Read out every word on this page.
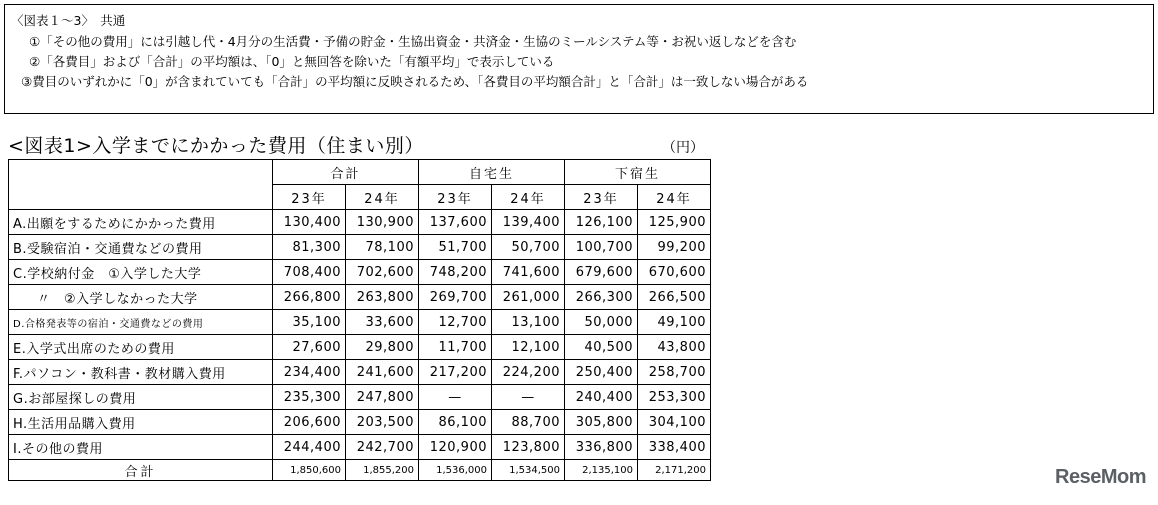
〈図表１～3〉　共通
①「その他の費用」には引越し代・4月分の生活費・予備の貯金・生協出資金・共済金・生協のミールシステム等・お祝い返しなどを含む
②「各費目」および「合計」の平均額は、「0」と無回答を除いた「有額平均」で表示している
③費目のいずれかに「0」が含まれていても「合計」の平均額に反映されるため、「各費目の平均額合計」と「合計」は一致しない場合がある
<図表1>入学までにかかった費用（住まい別）	（円）
	合計		自宅生		下宿生	
	23年	24年	23年	24年	23年	24年
A.出願をするためにかかった費用	130,400	130,900	137,600	139,400	126,100	125,900
B.受験宿泊・交通費などの費用	81,300	78,100	51,700	50,700	100,700	99,200
C.学校納付金　①入学した大学	708,400	702,600	748,200	741,600	679,600	670,600
〃　②入学しなかった大学	266,800	263,800	269,700	261,000	266,300	266,500
D.合格発表等の宿泊・交通費などの費用	35,100	33,600	12,700	13,100	50,000	49,100
E.入学式出席のための費用	27,600	29,800	11,700	12,100	40,500	43,800
F.パソコン・教科書・教材購入費用	234,400	241,600	217,200	224,200	250,400	258,700
G.お部屋探しの費用	235,300	247,800	—	—	240,400	253,300
H.生活用品購入費用	206,600	203,500	86,100	88,700	305,800	304,100
I.その他の費用	244,400	242,700	120,900	123,800	336,800	338,400
合計	1,850,600	1,855,200	1,536,000	1,534,500	2,135,100	2,171,200	ReseMom
